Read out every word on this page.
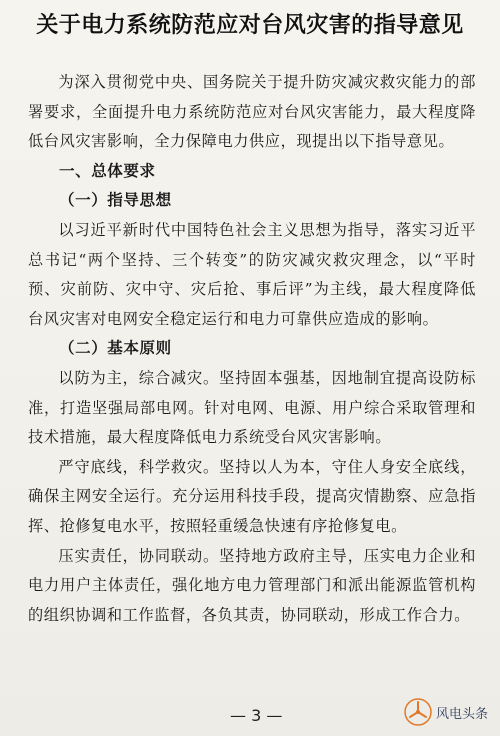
关于电力系统防范应对台风灾害的指导意见

为深入贯彻党中央、国务院关于提升防灾减灾救灾能力的部署要求，全面提升电力系统防范应对台风灾害能力，最大程度降低台风灾害影响，全力保障电力供应，现提出以下指导意见。

一、总体要求

（一）指导思想

以习近平新时代中国特色社会主义思想为指导，落实习近平总书记“两个坚持、三个转变”的防灾减灾救灾理念，以“平时预、灾前防、灾中守、灾后抢、事后评”为主线，最大程度降低台风灾害对电网安全稳定运行和电力可靠供应造成的影响。

（二）基本原则

以防为主，综合减灾。坚持固本强基，因地制宜提高设防标准，打造坚强局部电网。针对电网、电源、用户综合采取管理和技术措施，最大程度降低电力系统受台风灾害影响。

严守底线，科学救灾。坚持以人为本，守住人身安全底线，确保主网安全运行。充分运用科技手段，提高灾情勘察、应急指挥、抢修复电水平，按照轻重缓急快速有序抢修复电。

压实责任，协同联动。坚持地方政府主导，压实电力企业和电力用户主体责任，强化地方电力管理部门和派出能源监管机构的组织协调和工作监督，各负其责，协同联动，形成工作合力。

— 3 —	风电头条
